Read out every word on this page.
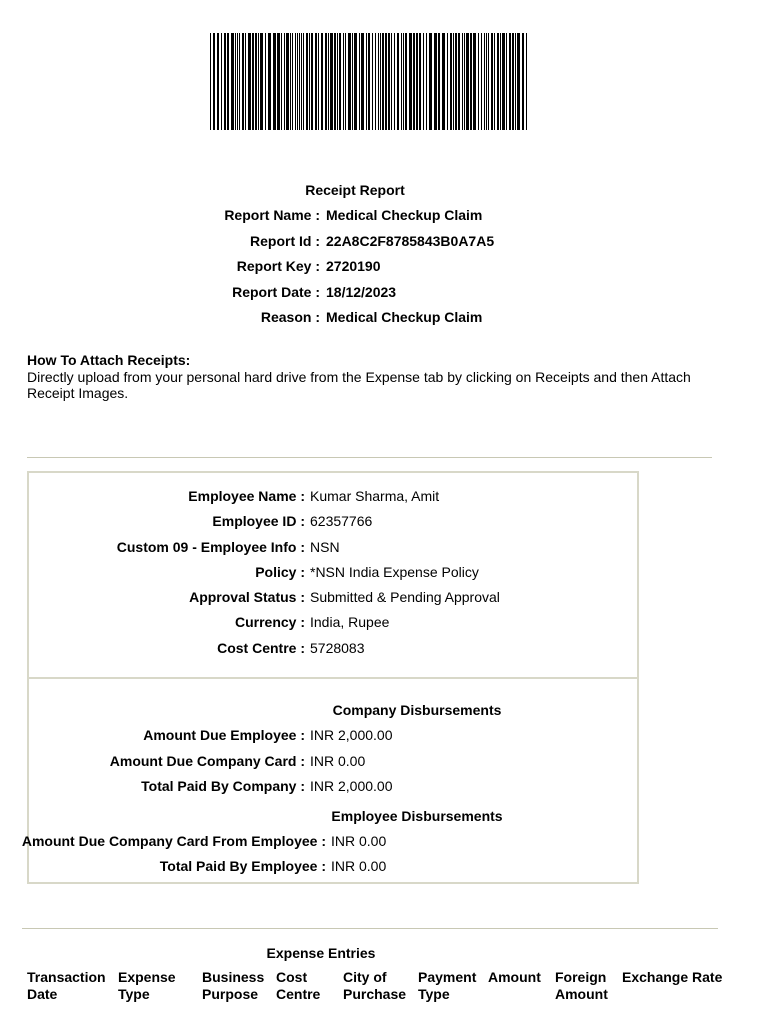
Receipt Report
Report Name : Medical Checkup Claim
Report Id : 22A8C2F8785843B0A7A5
Report Key : 2720190
Report Date : 18/12/2023
Reason : Medical Checkup Claim
How To Attach Receipts:
Directly upload from your personal hard drive from the Expense tab by clicking on Receipts and then Attach
Receipt Images.
Employee Name : Kumar Sharma, Amit
Employee ID : 62357766
Custom 09 - Employee Info : NSN
Policy : *NSN India Expense Policy
Approval Status : Submitted & Pending Approval
Currency : India, Rupee
Cost Centre : 5728083
Company Disbursements
Amount Due Employee : INR 2,000.00
Amount Due Company Card : INR 0.00
Total Paid By Company : INR 2,000.00
Employee Disbursements
Amount Due Company Card From Employee : INR 0.00
Total Paid By Employee : INR 0.00
Expense Entries
Transaction
Date
Expense
Type
Business
Purpose
Cost
Centre
City of
Purchase
Payment
Type
Amount Foreign
Amount
Exchange Rate
